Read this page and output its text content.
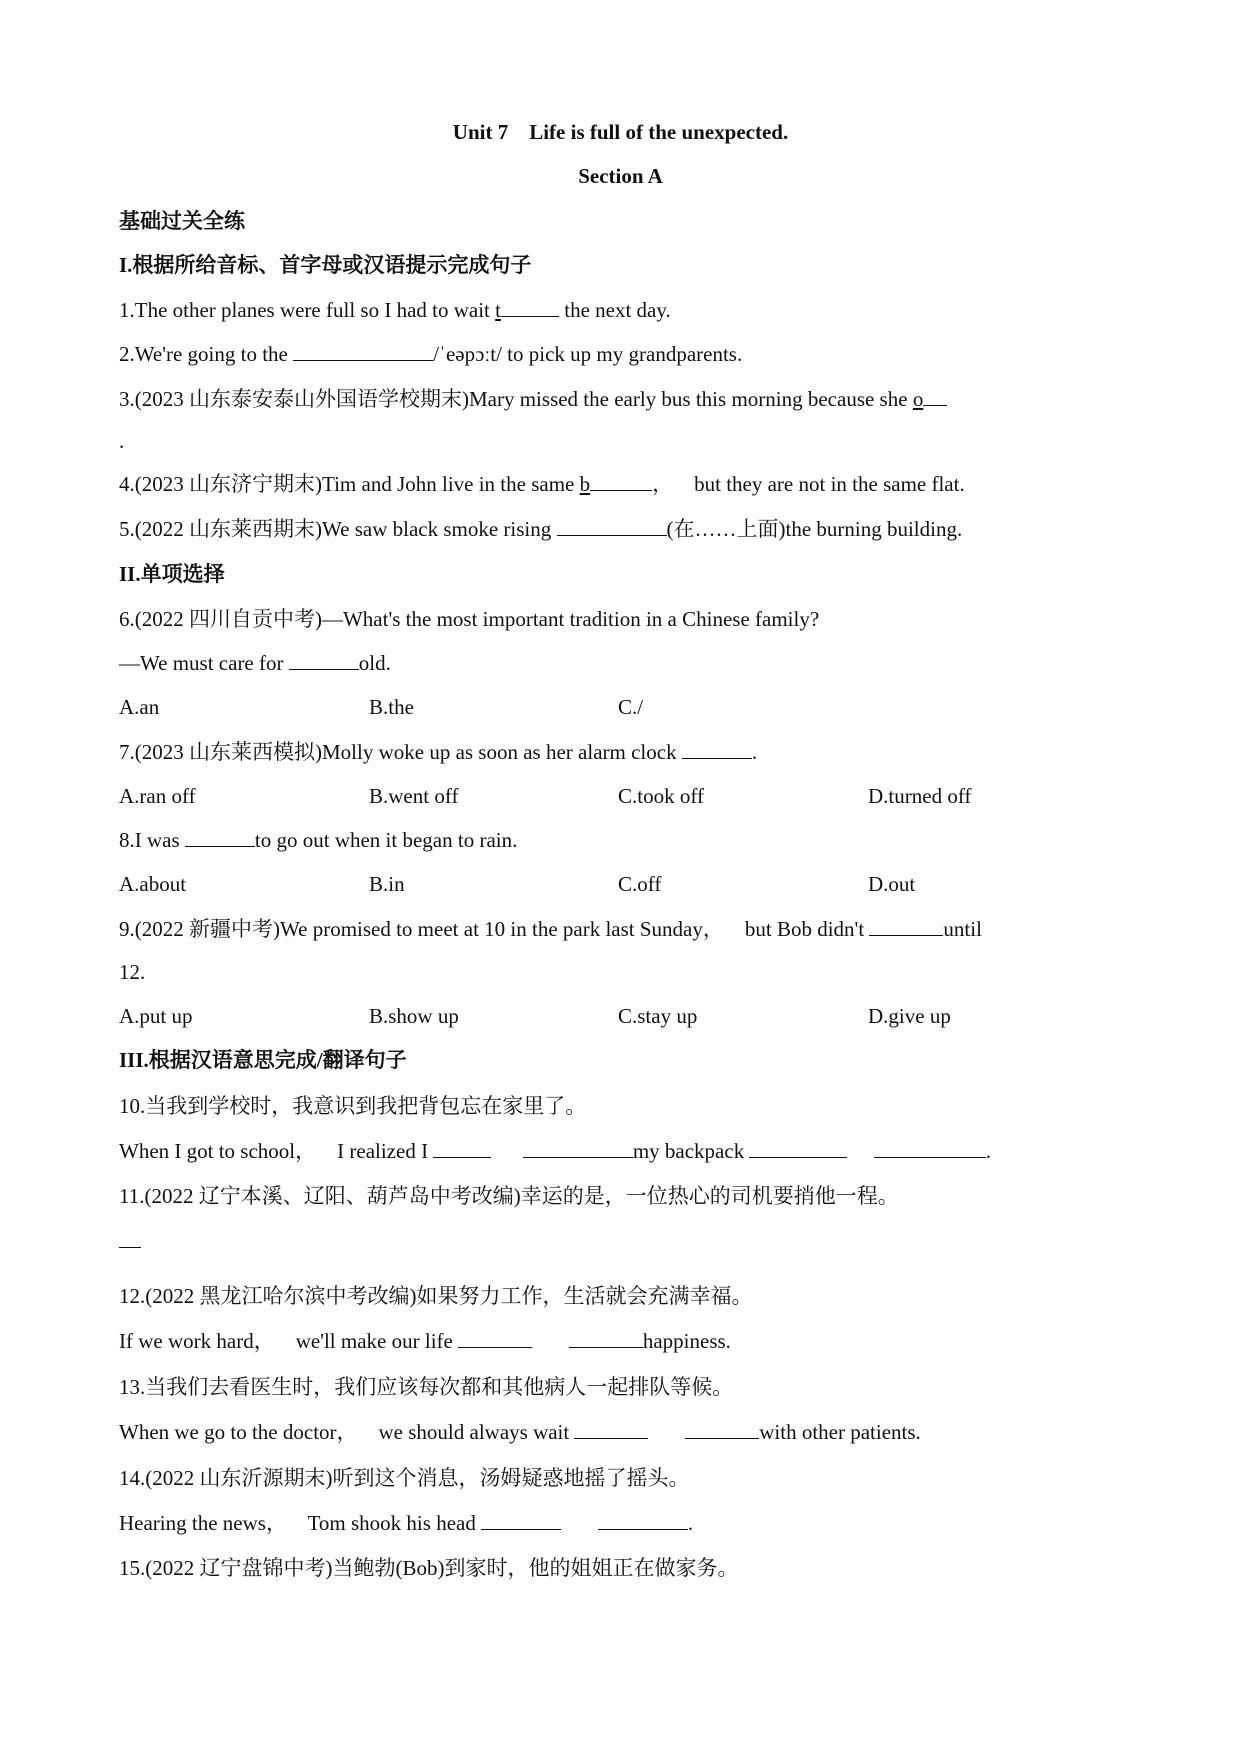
Unit 7    Life is full of the unexpected.
Section A
基础过关全练
I.根据所给音标、首字母或汉语提示完成句子
1.The other planes were full so I had to wait t	the next day.
2.We're going to the	/ˈeəpɔːt/ to pick up my grandparents.
3.(2023 山东泰安泰山外国语学校期末)Mary missed the early bus this morning because she o
.
4.(2023 山东济宁期末)Tim and John live in the same b	，    but they are not in the same flat.
5.(2022 山东莱西期末)We saw black smoke rising	(在……上面)the burning building.
II.单项选择
6.(2022 四川自贡中考)—What's the most important tradition in a Chinese family?
—We must care for	old.
A.an	B.the	C./
7.(2023 山东莱西模拟)Molly woke up as soon as her alarm clock	.
A.ran off	B.went off	C.took off	D.turned off
8.I was	to go out when it began to rain.
A.about	B.in	C.off	D.out
9.(2022 新疆中考)We promised to meet at 10 in the park last Sunday，    but Bob didn't	until
12.
A.put up	B.show up	C.stay up	D.give up
III.根据汉语意思完成/翻译句子
10.当我到学校时，我意识到我把背包忘在家里了。
When I got to school，    I realized I	my backpack	.
11.(2022 辽宁本溪、辽阳、葫芦岛中考改编)幸运的是，一位热心的司机要捎他一程。
12.(2022 黑龙江哈尔滨中考改编)如果努力工作，生活就会充满幸福。
If we work hard，    we'll make our life	happiness.
13.当我们去看医生时，我们应该每次都和其他病人一起排队等候。
When we go to the doctor，    we should always wait	with other patients.
14.(2022 山东沂源期末)听到这个消息，汤姆疑惑地摇了摇头。
Hearing the news，    Tom shook his head	.
15.(2022 辽宁盘锦中考)当鲍勃(Bob)到家时，他的姐姐正在做家务。
